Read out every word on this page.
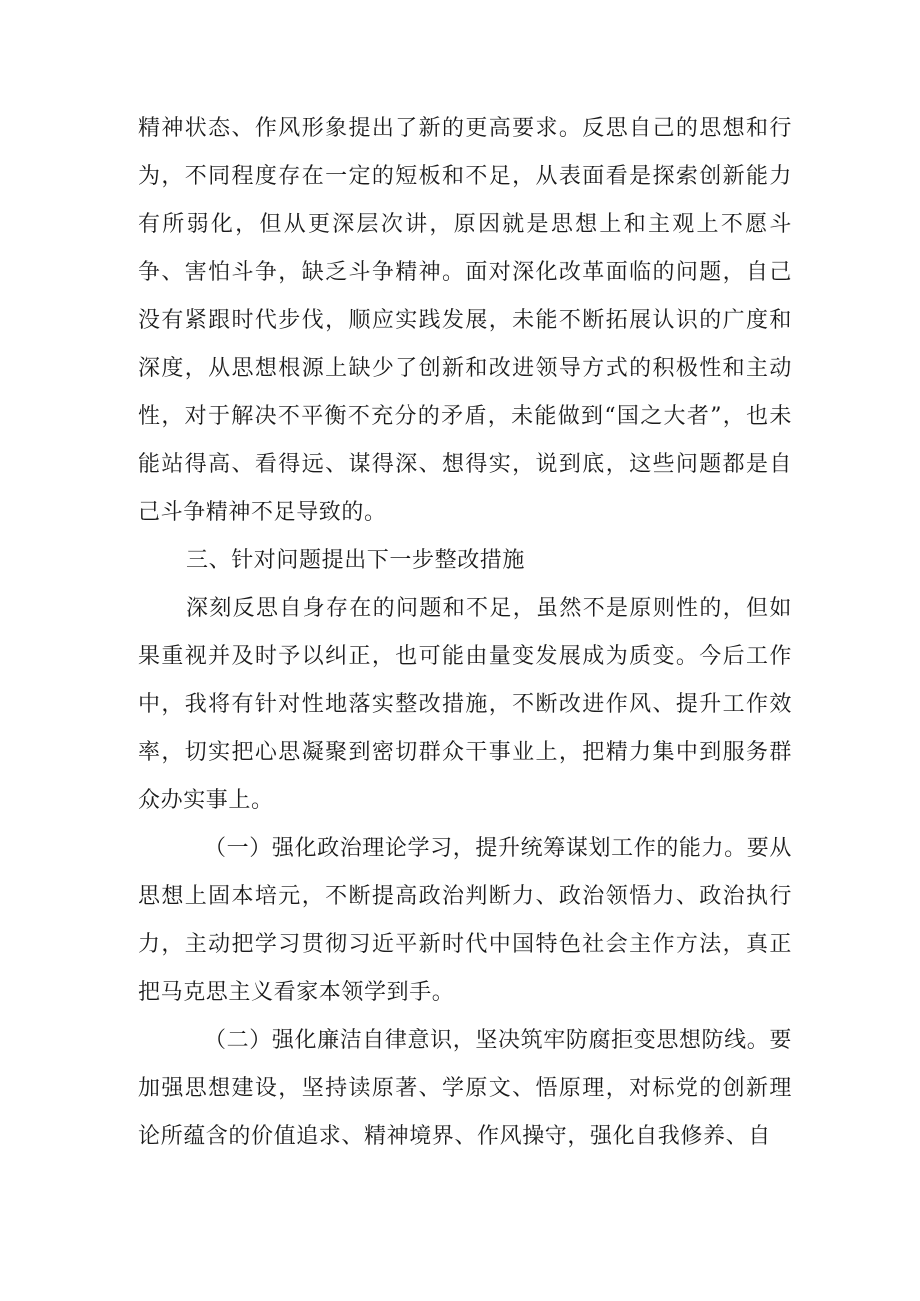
精神状态、作风形象提出了新的更高要求。反思自己的思想和行为，不同程度存在一定的短板和不足，从表面看是探索创新能力有所弱化，但从更深层次讲，原因就是思想上和主观上不愿斗争、害怕斗争，缺乏斗争精神。面对深化改革面临的问题，自己没有紧跟时代步伐，顺应实践发展，未能不断拓展认识的广度和深度，从思想根源上缺少了创新和改进领导方式的积极性和主动性，对于解决不平衡不充分的矛盾，未能做到“国之大者”，也未能站得高、看得远、谋得深、想得实，说到底，这些问题都是自己斗争精神不足导致的。

三、针对问题提出下一步整改措施

深刻反思自身存在的问题和不足，虽然不是原则性的，但如果重视并及时予以纠正，也可能由量变发展成为质变。今后工作中，我将有针对性地落实整改措施，不断改进作风、提升工作效率，切实把心思凝聚到密切群众干事业上，把精力集中到服务群众办实事上。

（一）强化政治理论学习，提升统筹谋划工作的能力。要从思想上固本培元，不断提高政治判断力、政治领悟力、政治执行力，主动把学习贯彻习近平新时代中国特色社会主作方法，真正把马克思主义看家本领学到手。

（二）强化廉洁自律意识，坚决筑牢防腐拒变思想防线。要加强思想建设，坚持读原著、学原文、悟原理，对标党的创新理论所蕴含的价值追求、精神境界、作风操守，强化自我修养、自
